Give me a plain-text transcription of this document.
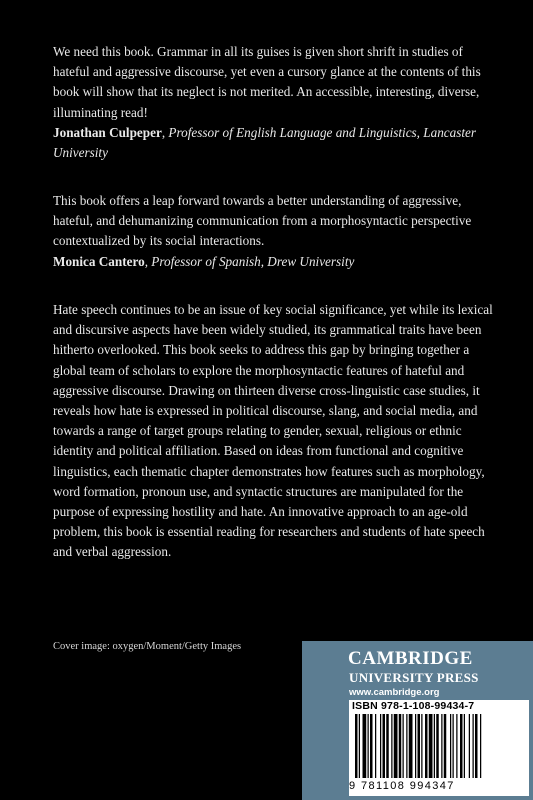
We need this book. Grammar in all its guises is given short shrift in studies of hateful and aggressive discourse, yet even a cursory glance at the contents of this book will show that its neglect is not merited. An accessible, interesting, diverse, illuminating read!

Jonathan Culpeper, Professor of English Language and Linguistics, Lancaster University

This book offers a leap forward towards a better understanding of aggressive, hateful, and dehumanizing communication from a morphosyntactic perspective contextualized by its social interactions.

Monica Cantero, Professor of Spanish, Drew University

Hate speech continues to be an issue of key social significance, yet while its lexical and discursive aspects have been widely studied, its grammatical traits have been hitherto overlooked. This book seeks to address this gap by bringing together a global team of scholars to explore the morphosyntactic features of hateful and aggressive discourse. Drawing on thirteen diverse cross-linguistic case studies, it reveals how hate is expressed in political discourse, slang, and social media, and towards a range of target groups relating to gender, sexual, religious or ethnic identity and political affiliation. Based on ideas from functional and cognitive linguistics, each thematic chapter demonstrates how features such as morphology, word formation, pronoun use, and syntactic structures are manipulated for the purpose of expressing hostility and hate. An innovative approach to an age-old problem, this book is essential reading for researchers and students of hate speech and verbal aggression.

Cover image: oxygen/Moment/Getty Images
CAMBRIDGE
UNIVERSITY PRESS
www.cambridge.org
ISBN 978-1-108-99434-7
9 781108 994347
